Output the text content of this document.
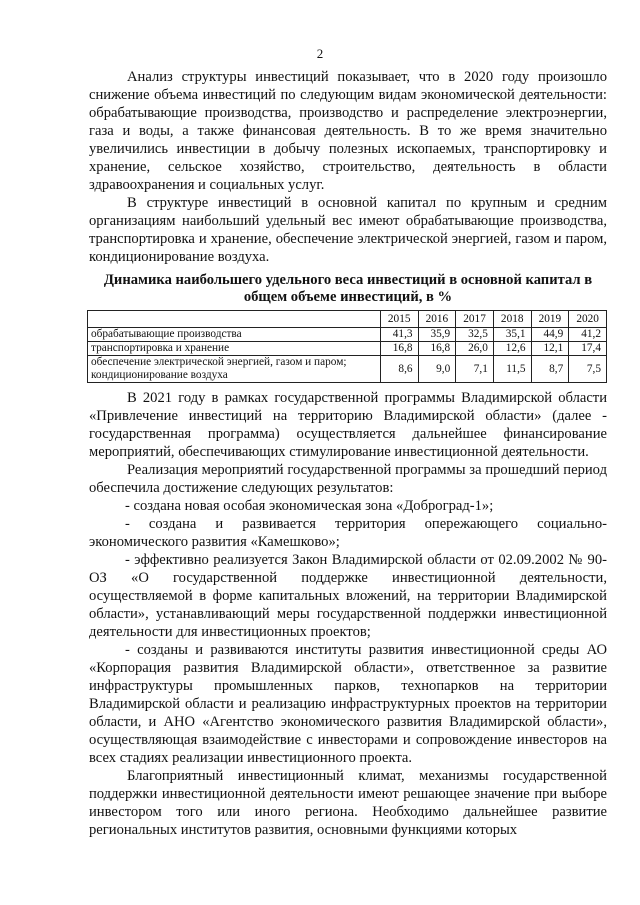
2

Анализ структуры инвестиций показывает, что в 2020 году произошло снижение объема инвестиций по следующим видам экономической деятельности: обрабатывающие производства, производство и распределение электроэнергии, газа и воды, а также финансовая деятельность. В то же время значительно увеличились инвестиции в добычу полезных ископаемых, транспортировку и хранение, сельское хозяйство, строительство, деятельность в области здравоохранения и социальных услуг.

В структуре инвестиций в основной капитал по крупным и средним организациям наибольший удельный вес имеют обрабатывающие производства, транспортировка и хранение, обеспечение электрической энергией, газом и паром, кондиционирование воздуха.

Динамика наибольшего удельного веса инвестиций в основной капитал в общем объеме инвестиций, в %
	2015	2016	2017	2018	2019	2020
обрабатывающие производства	41,3	35,9	32,5	35,1	44,9	41,2
транспортировка и хранение	16,8	16,8	26,0	12,6	12,1	17,4
обеспечение электрической энергией, газом и паром; кондиционирование воздуха	8,6	9,0	7,1	11,5	8,7	7,5

В 2021 году в рамках государственной программы Владимирской области «Привлечение инвестиций на территорию Владимирской области» (далее - государственная программа) осуществляется дальнейшее финансирование мероприятий, обеспечивающих стимулирование инвестиционной деятельности.

Реализация мероприятий государственной программы за прошедший период обеспечила достижение следующих результатов:

- создана новая особая экономическая зона «Доброград-1»;

- создана и развивается территория опережающего социально-экономического развития «Камешково»;

- эффективно реализуется Закон Владимирской области от 02.09.2002 № 90-ОЗ «О государственной поддержке инвестиционной деятельности, осуществляемой в форме капитальных вложений, на территории Владимирской области», устанавливающий меры государственной поддержки инвестиционной деятельности для инвестиционных проектов;

- созданы и развиваются институты развития инвестиционной среды АО «Корпорация развития Владимирской области», ответственное за развитие инфраструктуры промышленных парков, технопарков на территории Владимирской области и реализацию инфраструктурных проектов на территории области, и АНО «Агентство экономического развития Владимирской области», осуществляющая взаимодействие с инвесторами и сопровождение инвесторов на всех стадиях реализации инвестиционного проекта.

Благоприятный инвестиционный климат, механизмы государственной поддержки инвестиционной деятельности имеют решающее значение при выборе инвестором того или иного региона. Необходимо дальнейшее развитие региональных институтов развития, основными функциями которых
